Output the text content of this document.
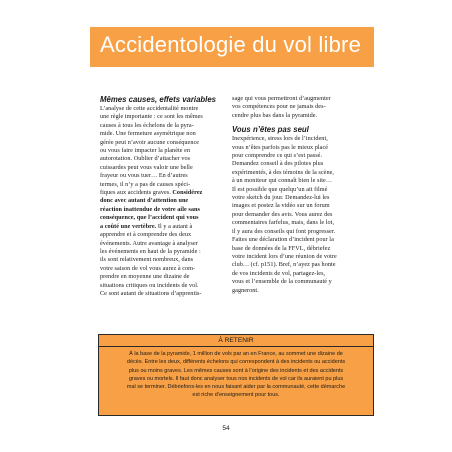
Accidentologie du vol libre

Mêmes causes, effets variables

L’analyse de cette accidentalité montre

une règle importante : ce sont les mêmes

causes à tous les échelons de la pyra-

mide. Une fermeture asymétrique non

gérée peut n’avoir aucune conséquence

ou vous faire impacter la planète en

autorotation. Oublier d’attacher vos

cuissardes peut vous valoir une belle

frayeur ou vous tuer… En d’autres

termes, il n’y a pas de causes spéci-

fiques aux accidents graves. Considérez

donc avec autant d’attention une

réaction inattendue de votre aile sans

conséquence, que l’accident qui vous

a coûté une vertèbre. Il y a autant à

apprendre et à comprendre des deux

événements. Autre avantage à analyser

les événements en haut de la pyramide :

ils sont relativement nombreux, dans

votre saison de vol vous aurez à com-

prendre en moyenne une dizaine de

situations critiques ou incidents de vol.

Ce sont autant de situations d’apprentis-

sage qui vous permettront d’augmenter

vos compétences pour ne jamais des-

cendre plus bas dans la pyramide.

Vous n’êtes pas seul

Inexpérience, stress lors de l’incident,

vous n’êtes parfois pas le mieux placé

pour comprendre ce qui s’est passé.

Demandez conseil à des pilotes plus

expérimentés, à des témoins de la scène,

à un moniteur qui connaît bien le site…

Il est possible que quelqu’un ait filmé

votre sketch du jour. Demandez-lui les

images et postez la vidéo sur un forum

pour demander des avis. Vous aurez des

commentaires farfelus, mais, dans le lot,

il y aura des conseils qui font progresser.

Faites une déclaration d’incident pour la

base de données de la FFVL, débriefez

votre incident lors d’une réunion de votre

club… (cf. p151). Bref, n’ayez pas honte

de vos incidents de vol, partagez-les,

vous et l’ensemble de la communauté y

gagneront.

À RETENIR

À la base de la pyramide, 1 million de vols par an en France, au sommet une dizaine de

décès. Entre les deux, différents échelons qui correspondent à des incidents ou accidents

plus ou moins graves. Les mêmes causes sont à l’origine des incidents et des accidents

graves ou mortels. Il faut donc analyser tous nos incidents de vol car ils auraient pu plus

mal se terminer. Débriefons-les en nous faisant aider par la communauté, cette démarche

est riche d’enseignement pour tous.

54
